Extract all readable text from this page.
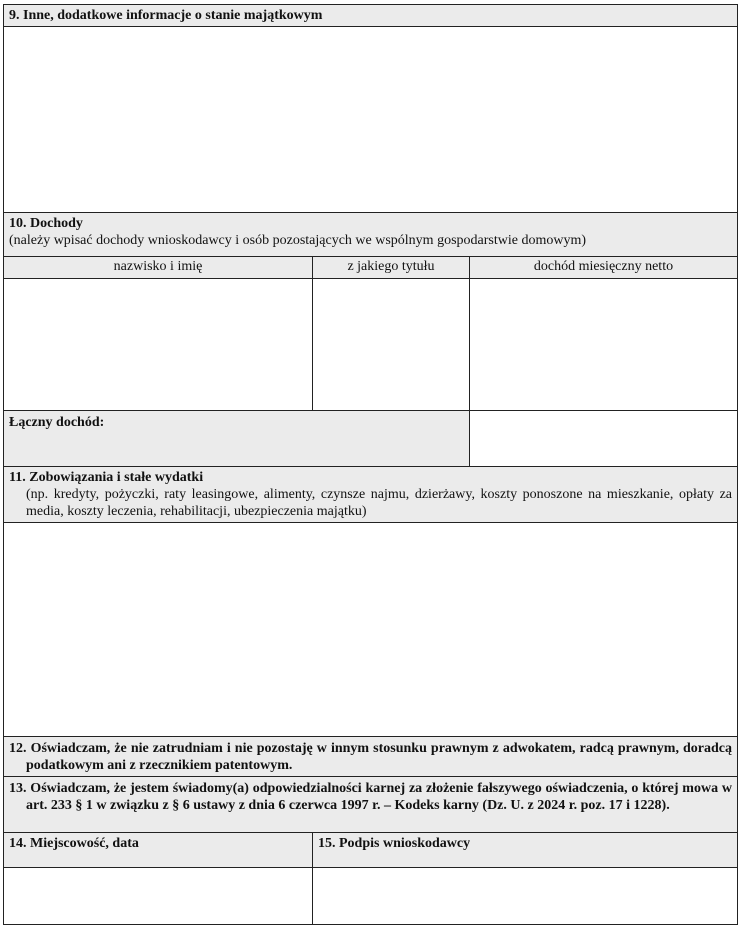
9. Inne, dodatkowe informacje o stanie majątkowym
10. Dochody
(należy wpisać dochody wnioskodawcy i osób pozostających we wspólnym gospodarstwie domowym)
nazwisko i imię	z jakiego tytułu	dochód miesięczny netto
Łączny dochód:
11. Zobowiązania i stałe wydatki
(np. kredyty, pożyczki, raty leasingowe, alimenty, czynsze najmu, dzierżawy, koszty ponoszone na mieszkanie, opłaty za media, koszty leczenia, rehabilitacji, ubezpieczenia majątku)
12. Oświadczam, że nie zatrudniam i nie pozostaję w innym stosunku prawnym z adwokatem, radcą prawnym, doradcą podatkowym ani z rzecznikiem patentowym.
13. Oświadczam, że jestem świadomy(a) odpowiedzialności karnej za złożenie fałszywego oświadczenia, o której mowa w art. 233 § 1 w związku z § 6 ustawy z dnia 6 czerwca 1997 r. – Kodeks karny (Dz. U. z 2024 r. poz. 17 i 1228).
14. Miejscowość, data	15. Podpis wnioskodawcy
